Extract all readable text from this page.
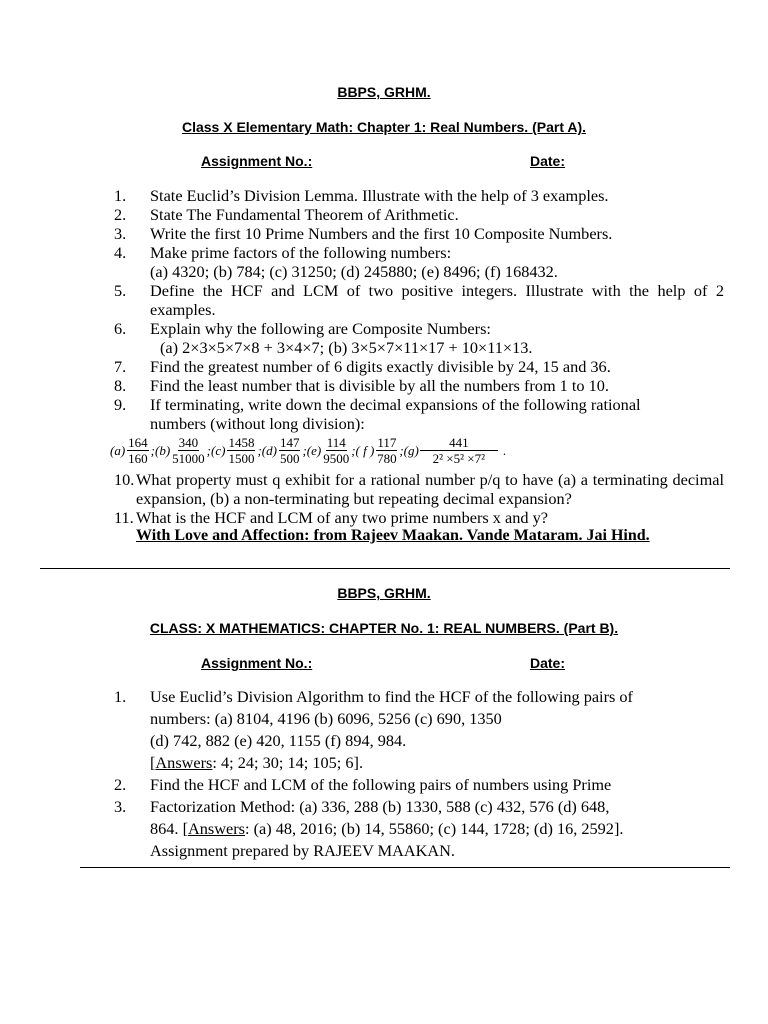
BBPS, GRHM.
Class X Elementary Math: Chapter 1: Real Numbers. (Part A).
Assignment No.:	Date:
1. State Euclid’s Division Lemma. Illustrate with the help of 3 examples.
2. State The Fundamental Theorem of Arithmetic.
3. Write the first 10 Prime Numbers and the first 10 Composite Numbers.
4. Make prime factors of the following numbers:
(a) 4320; (b) 784; (c) 31250; (d) 245880; (e) 8496; (f) 168432.
5. Define the HCF and LCM of two positive integers. Illustrate with the help of 2 examples.
6. Explain why the following are Composite Numbers:
(a) 2×3×5×7×8 + 3×4×7; (b) 3×5×7×11×17 + 10×11×13.
7. Find the greatest number of 6 digits exactly divisible by 24, 15 and 36.
8. Find the least number that is divisible by all the numbers from 1 to 10.
9. If terminating, write down the decimal expansions of the following rational numbers (without long division):
$(a) \frac{164}{160}$ ;(b) $\frac{340}{51000}$ ;(c) $\frac{1458}{1500}$ ;(d) $\frac{147}{500}$ ;(e) $\frac{114}{9500}$ ;( f ) $\frac{117}{780}$ ;(g) $\frac{441}{\text{2² ×5² ×7²}}$ .
10. What property must q exhibit for a rational number p/q to have (a) a terminating decimal expansion, (b) a non-terminating but repeating decimal expansion?
11. What is the HCF and LCM of any two prime numbers x and y?
With Love and Affection: from Rajeev Maakan. Vande Mataram. Jai Hind.
BBPS, GRHM.
CLASS: X MATHEMATICS: CHAPTER No. 1: REAL NUMBERS. (Part B).
Assignment No.:	Date:
1. Use Euclid’s Division Algorithm to find the HCF of the following pairs of
numbers: (a) 8104, 4196 (b) 6096, 5256 (c) 690, 1350
(d) 742, 882 (e) 420, 1155 (f) 894, 984.
[Answers: 4; 24; 30; 14; 105; 6].
2. Find the HCF and LCM of the following pairs of numbers using Prime
3. Factorization Method: (a) 336, 288 (b) 1330, 588 (c) 432, 576 (d) 648,
864. [Answers: (a) 48, 2016; (b) 14, 55860; (c) 144, 1728; (d) 16, 2592].
Assignment prepared by RAJEEV MAAKAN.
